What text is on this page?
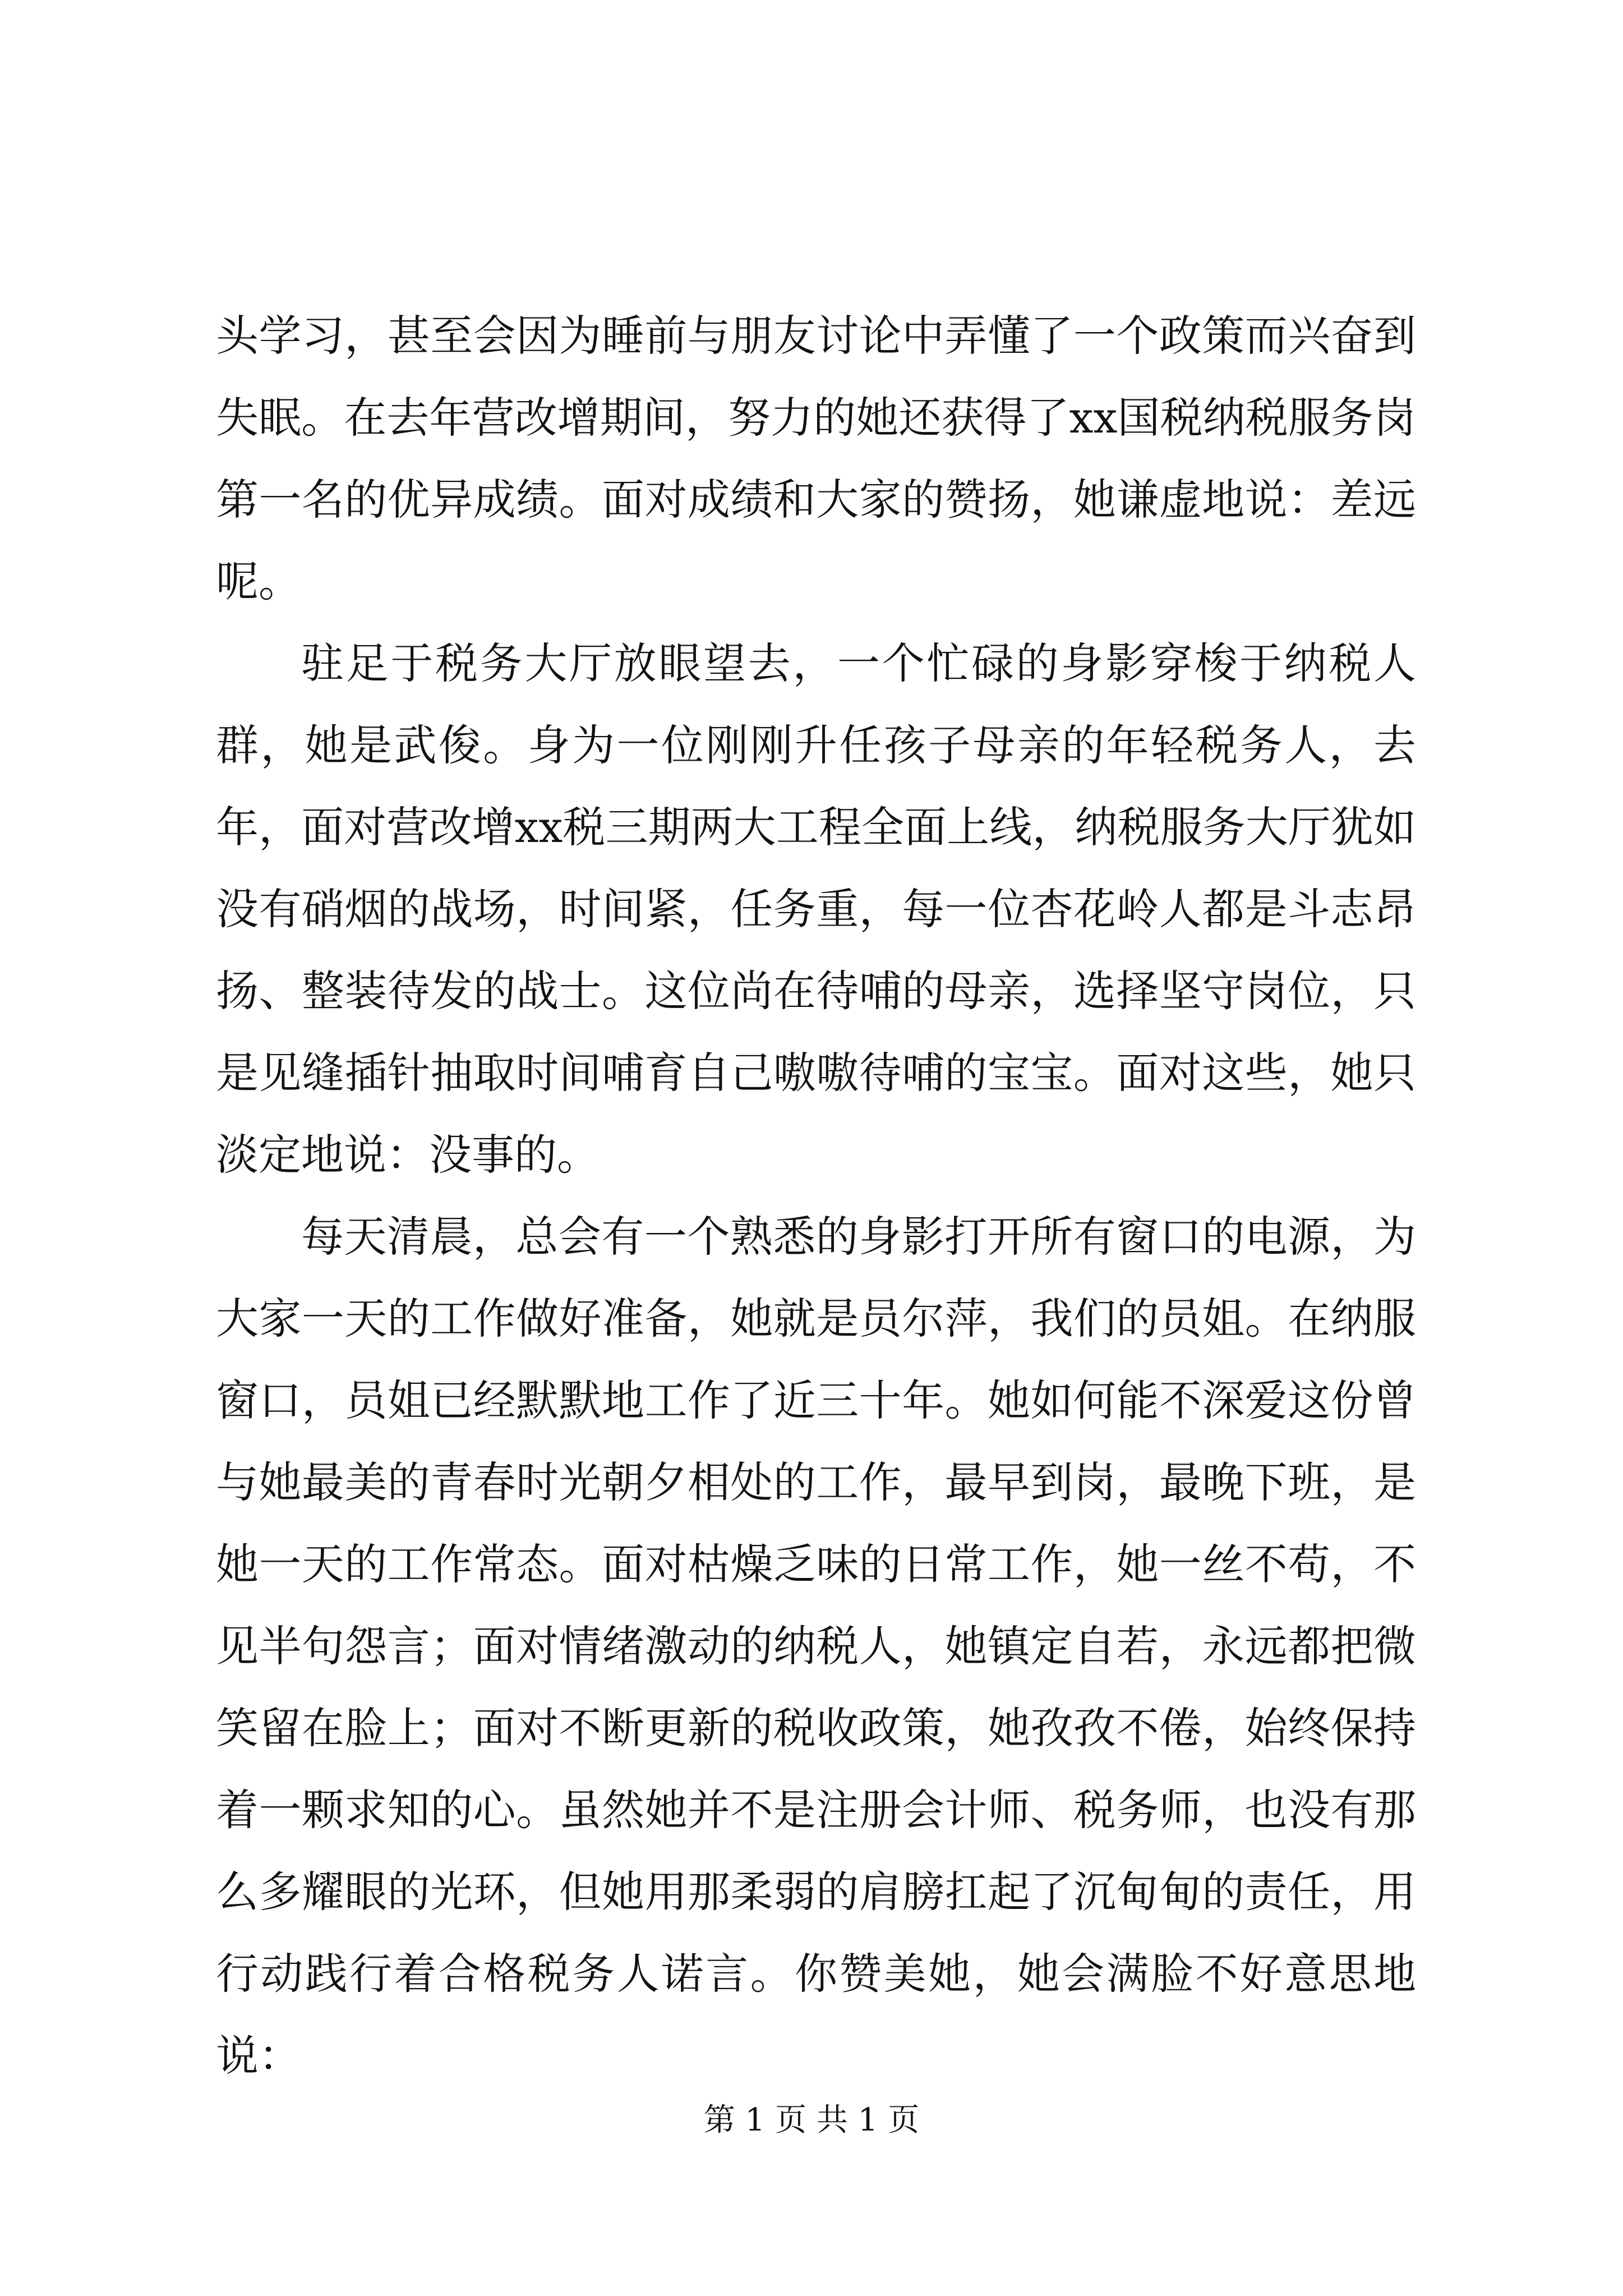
头学习，甚至会因为睡前与朋友讨论中弄懂了一个政策而兴奋到失眠。在去年营改增期间，努力的她还获得了xx国税纳税服务岗第一名的优异成绩。面对成绩和大家的赞扬，她谦虚地说：差远呢。

驻足于税务大厅放眼望去，一个忙碌的身影穿梭于纳税人群，她是武俊。身为一位刚刚升任孩子母亲的年轻税务人，去年，面对营改增xx税三期两大工程全面上线，纳税服务大厅犹如没有硝烟的战场，时间紧，任务重，每一位杏花岭人都是斗志昂扬、整装待发的战士。这位尚在待哺的母亲，选择坚守岗位，只是见缝插针抽取时间哺育自己嗷嗷待哺的宝宝。面对这些，她只淡定地说：没事的。

每天清晨，总会有一个熟悉的身影打开所有窗口的电源，为大家一天的工作做好准备，她就是员尔萍，我们的员姐。在纳服窗口，员姐已经默默地工作了近三十年。她如何能不深爱这份曾与她最美的青春时光朝夕相处的工作，最早到岗，最晚下班，是她一天的工作常态。面对枯燥乏味的日常工作，她一丝不苟，不见半句怨言；面对情绪激动的纳税人，她镇定自若，永远都把微笑留在脸上；面对不断更新的税收政策，她孜孜不倦，始终保持着一颗求知的心。虽然她并不是注册会计师、税务师，也没有那么多耀眼的光环，但她用那柔弱的肩膀扛起了沉甸甸的责任，用行动践行着合格税务人诺言。你赞美她，她会满脸不好意思地说：

第 1 页 共 1 页
